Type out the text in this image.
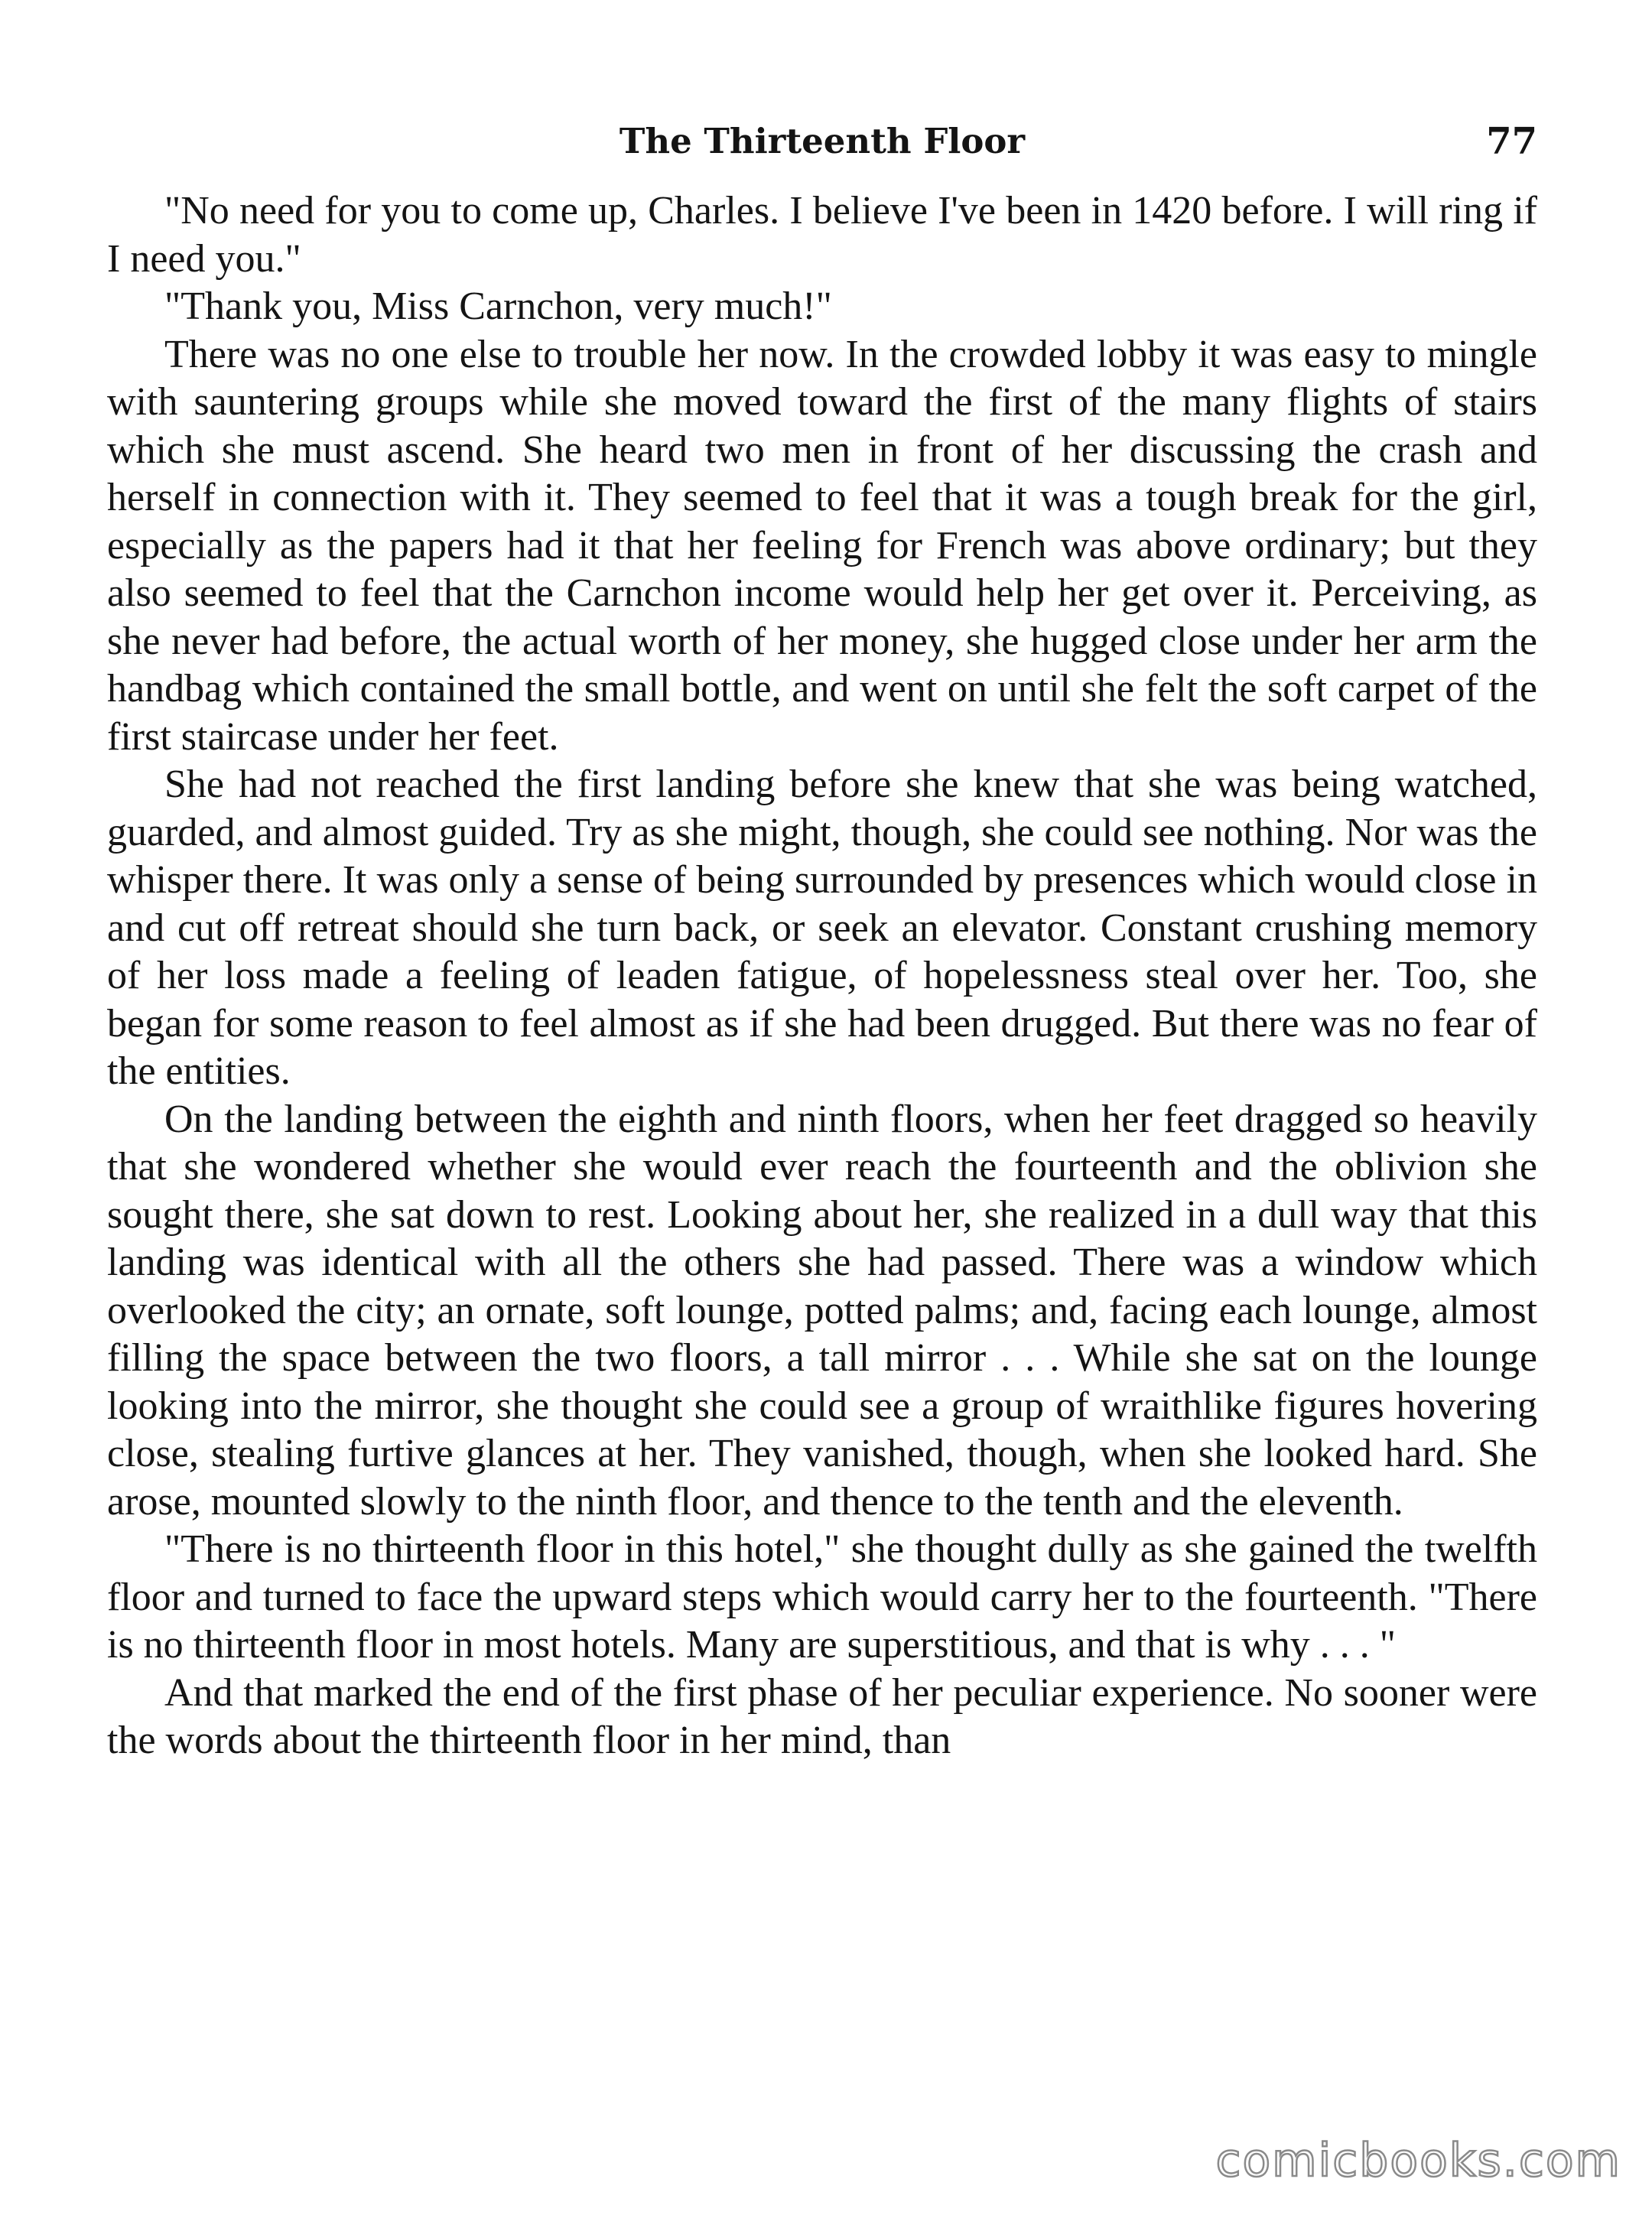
The Thirteenth Floor	77

"No need for you to come up, Charles. I believe I've been in 1420 before. I will ring if I need you."

"Thank you, Miss Carnchon, very much!"

There was no one else to trouble her now. In the crowded lobby it was easy to mingle with sauntering groups while she moved toward the first of the many flights of stairs which she must ascend. She heard two men in front of her discussing the crash and herself in connection with it. They seemed to feel that it was a tough break for the girl, especially as the papers had it that her feeling for French was above ordinary; but they also seemed to feel that the Carnchon income would help her get over it. Perceiving, as she never had before, the actual worth of her money, she hugged close under her arm the handbag which contained the small bottle, and went on until she felt the soft carpet of the first staircase under her feet.

She had not reached the first landing before she knew that she was being watched, guarded, and almost guided. Try as she might, though, she could see nothing. Nor was the whisper there. It was only a sense of being surrounded by presences which would close in and cut off retreat should she turn back, or seek an elevator. Constant crushing memory of her loss made a feeling of leaden fatigue, of hopelessness steal over her. Too, she began for some reason to feel almost as if she had been drugged. But there was no fear of the entities.

On the landing between the eighth and ninth floors, when her feet dragged so heavily that she wondered whether she would ever reach the fourteenth and the oblivion she sought there, she sat down to rest. Looking about her, she realized in a dull way that this landing was identical with all the others she had passed. There was a window which overlooked the city; an ornate, soft lounge, potted palms; and, facing each lounge, almost filling the space between the two floors, a tall mirror . . . While she sat on the lounge looking into the mirror, she thought she could see a group of wraithlike figures hovering close, stealing furtive glances at her. They vanished, though, when she looked hard. She arose, mounted slowly to the ninth floor, and thence to the tenth and the eleventh.

"There is no thirteenth floor in this hotel," she thought dully as she gained the twelfth floor and turned to face the upward steps which would carry her to the fourteenth. "There is no thirteenth floor in most hotels. Many are superstitious, and that is why . . . "

And that marked the end of the first phase of her peculiar experience. No sooner were the words about the thirteenth floor in her mind, than

comicbooks.com
